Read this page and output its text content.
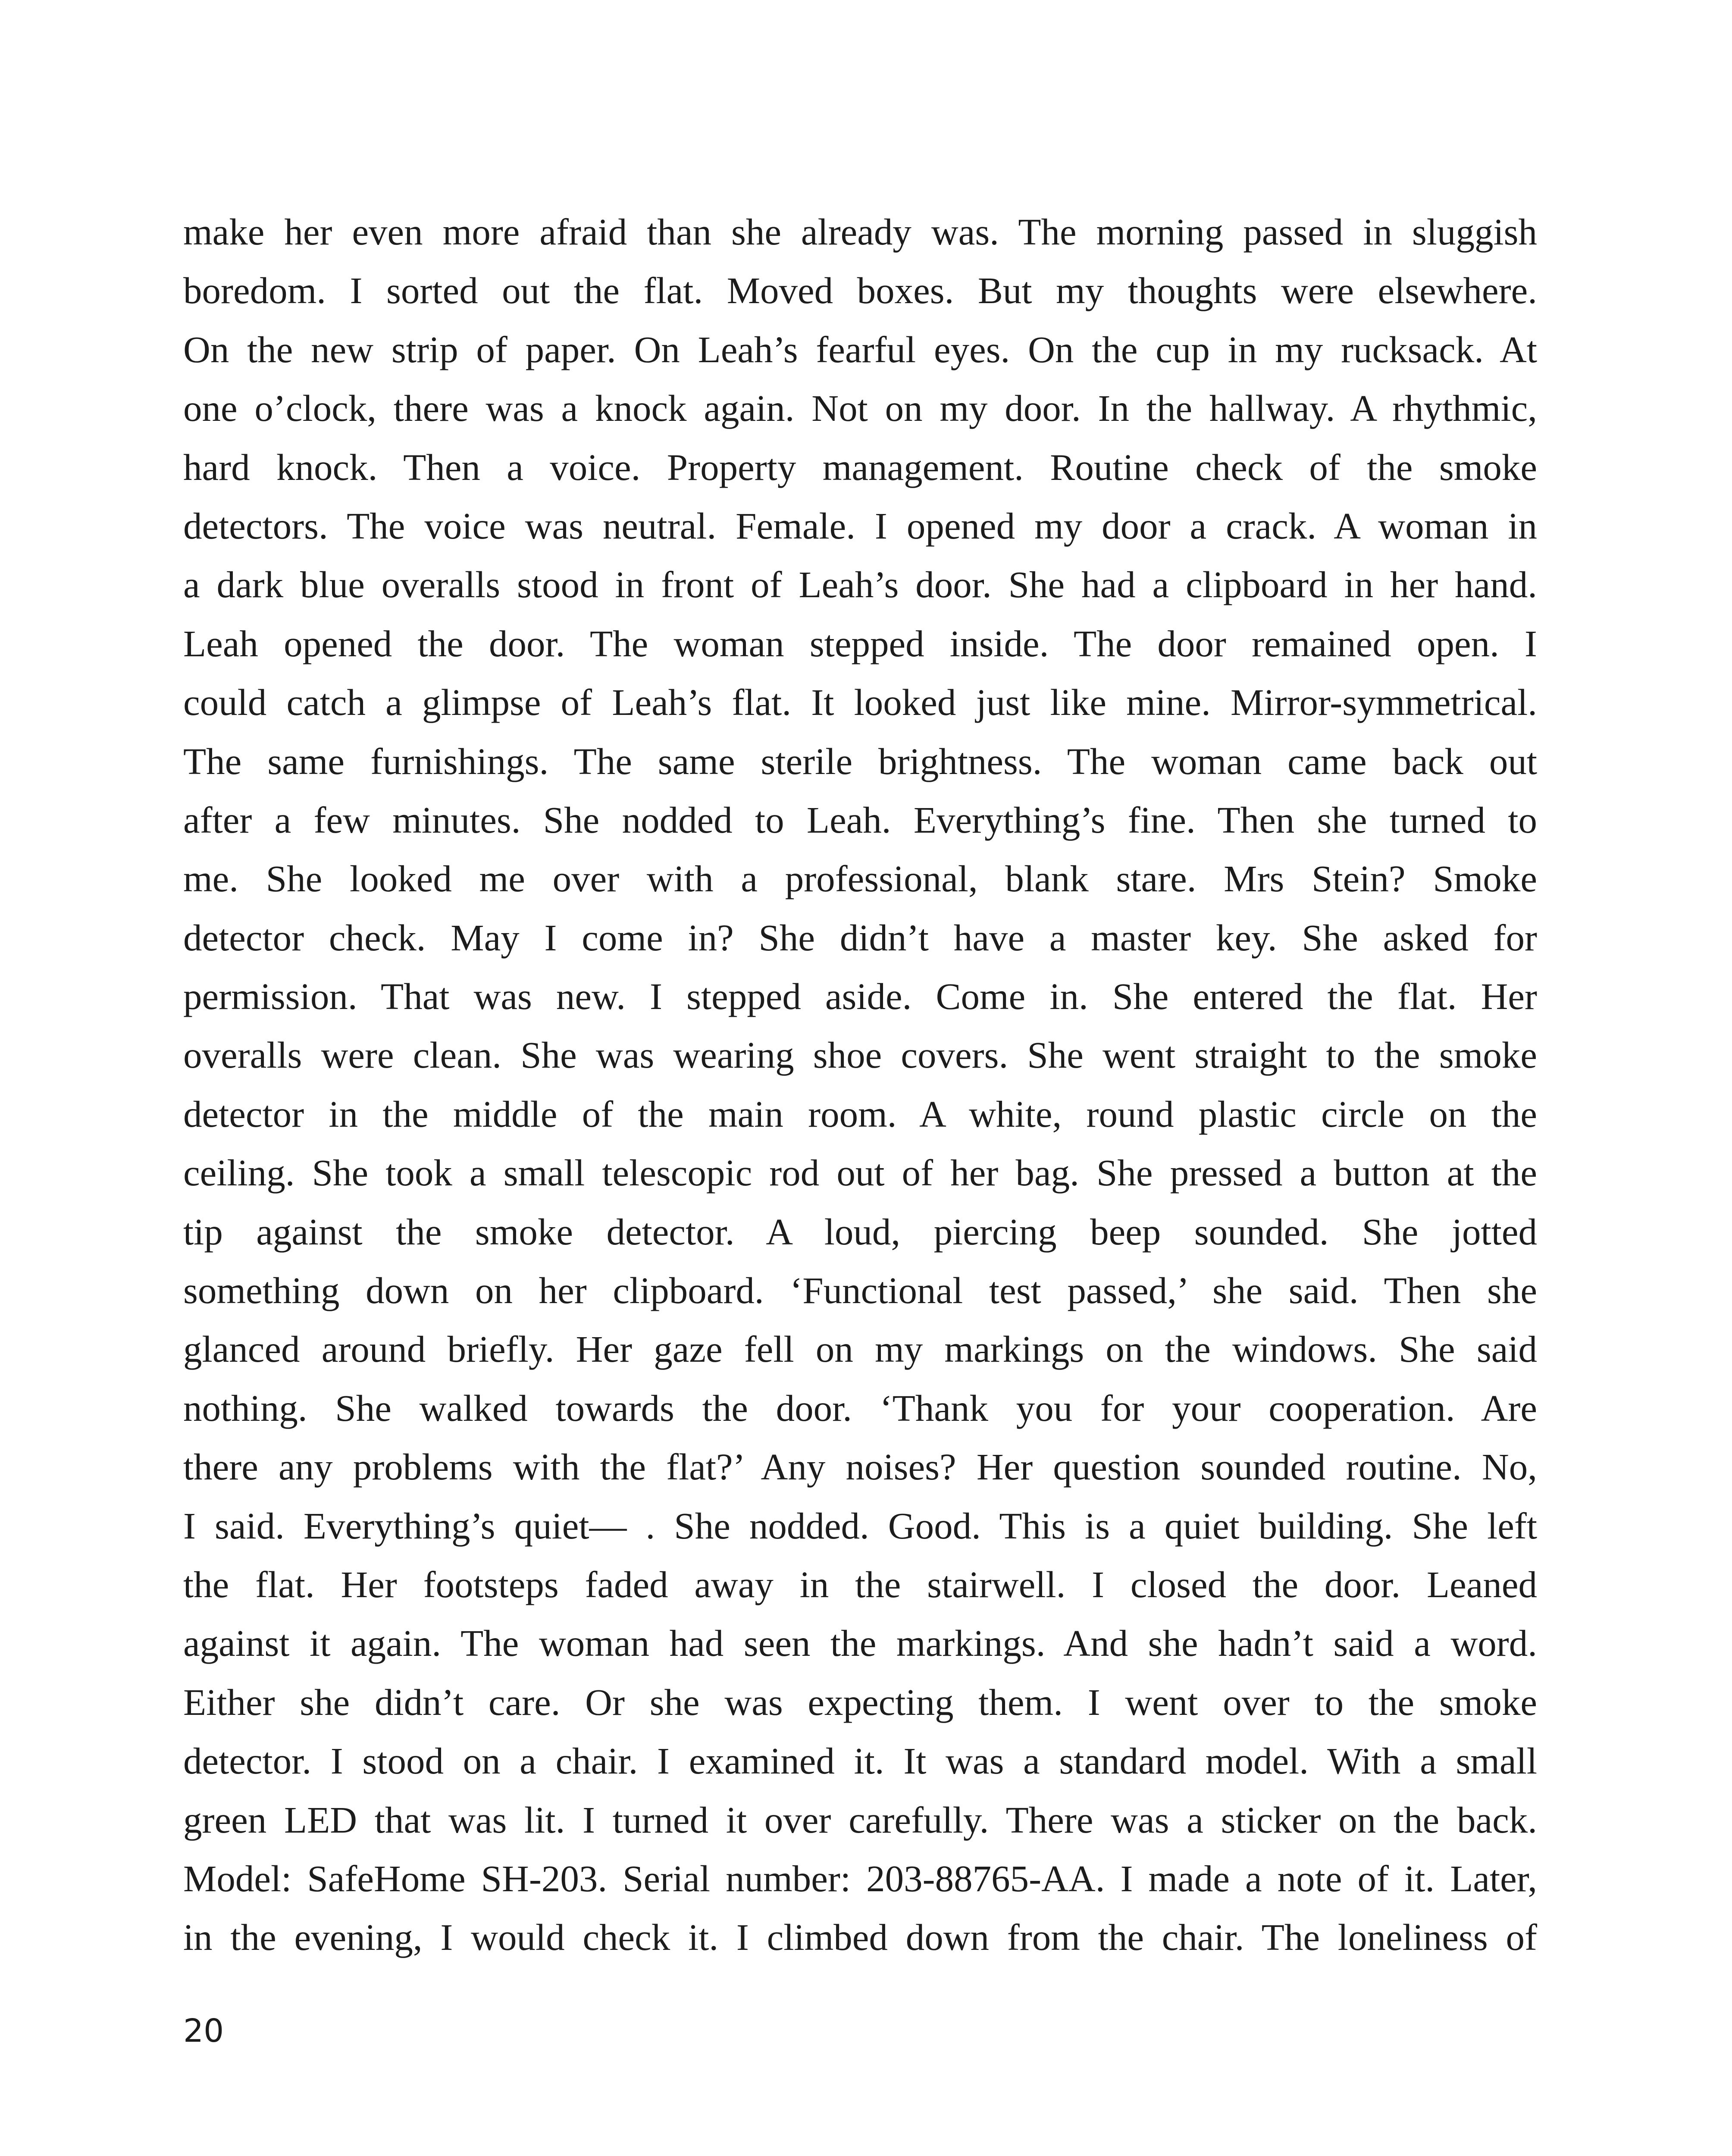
make her even more afraid than she already was. The morning passed in sluggish
boredom. I sorted out the flat. Moved boxes. But my thoughts were elsewhere.
On the new strip of paper. On Leah’s fearful eyes. On the cup in my rucksack. At
one o’clock, there was a knock again. Not on my door. In the hallway. A rhythmic,
hard knock. Then a voice. Property management. Routine check of the smoke
detectors. The voice was neutral. Female. I opened my door a crack. A woman in
a dark blue overalls stood in front of Leah’s door. She had a clipboard in her hand.
Leah opened the door. The woman stepped inside. The door remained open. I
could catch a glimpse of Leah’s flat. It looked just like mine. Mirror-symmetrical.
The same furnishings. The same sterile brightness. The woman came back out
after a few minutes. She nodded to Leah. Everything’s fine. Then she turned to
me. She looked me over with a professional, blank stare. Mrs Stein? Smoke
detector check. May I come in? She didn’t have a master key. She asked for
permission. That was new. I stepped aside. Come in. She entered the flat. Her
overalls were clean. She was wearing shoe covers. She went straight to the smoke
detector in the middle of the main room. A white, round plastic circle on the
ceiling. She took a small telescopic rod out of her bag. She pressed a button at the
tip against the smoke detector. A loud, piercing beep sounded. She jotted
something down on her clipboard. ‘Functional test passed,’ she said. Then she
glanced around briefly. Her gaze fell on my markings on the windows. She said
nothing. She walked towards the door. ‘Thank you for your cooperation. Are
there any problems with the flat?’ Any noises? Her question sounded routine. No,
I said. Everything’s quiet— . She nodded. Good. This is a quiet building. She left
the flat. Her footsteps faded away in the stairwell. I closed the door. Leaned
against it again. The woman had seen the markings. And she hadn’t said a word.
Either she didn’t care. Or she was expecting them. I went over to the smoke
detector. I stood on a chair. I examined it. It was a standard model. With a small
green LED that was lit. I turned it over carefully. There was a sticker on the back.
Model: SafeHome SH-203. Serial number: 203-88765-AA. I made a note of it. Later,
in the evening, I would check it. I climbed down from the chair. The loneliness of
20
